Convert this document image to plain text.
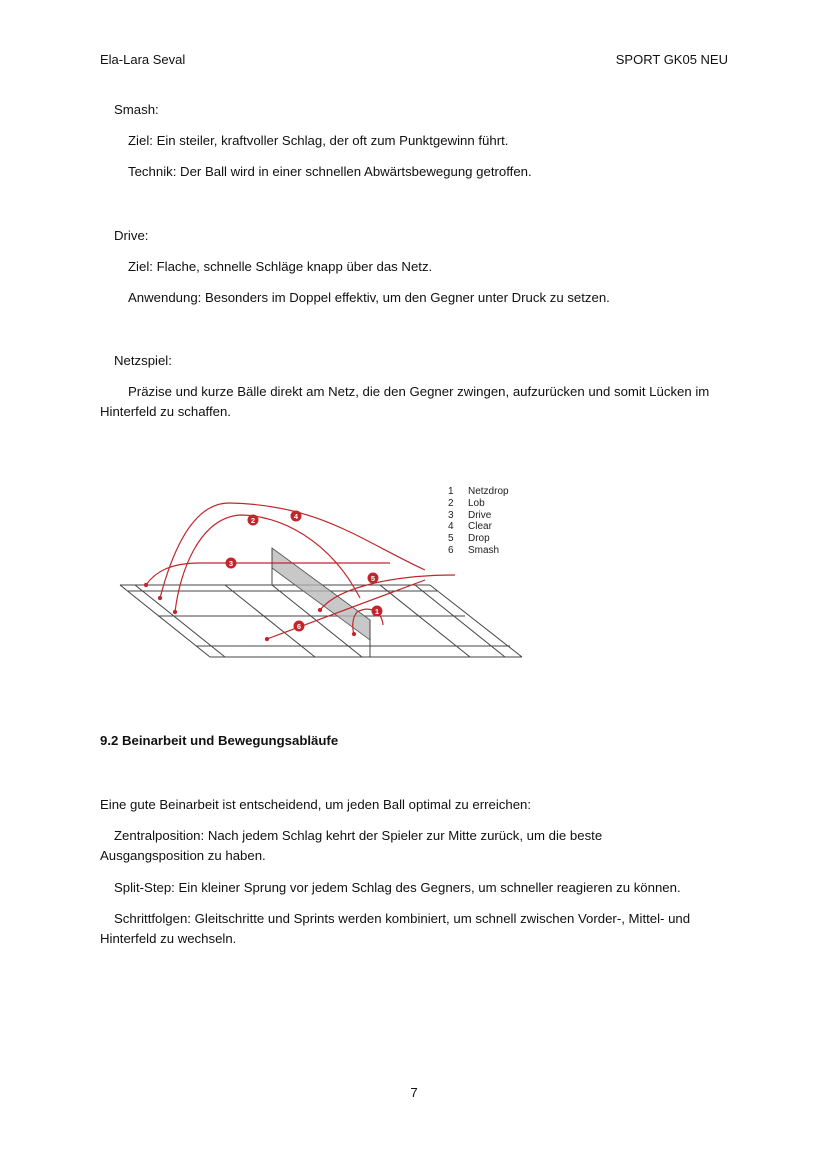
Ela-Lara Seval	SPORT GK05 NEU
Smash:
Ziel: Ein steiler, kraftvoller Schlag, der oft zum Punktgewinn führt.
Technik: Der Ball wird in einer schnellen Abwärtsbewegung getroffen.
Drive:
Ziel: Flache, schnelle Schläge knapp über das Netz.
Anwendung: Besonders im Doppel effektiv, um den Gegner unter Druck zu setzen.
Netzspiel:
Präzise und kurze Bälle direkt am Netz, die den Gegner zwingen, aufzurücken und somit Lücken im Hinterfeld zu schaffen.
4
2
3
5
1
6
1	Netzdrop
2	Lob
3	Drive
4	Clear
5	Drop
6	Smash
9.2 Beinarbeit und Bewegungsabläufe
Eine gute Beinarbeit ist entscheidend, um jeden Ball optimal zu erreichen:
Zentralposition: Nach jedem Schlag kehrt der Spieler zur Mitte zurück, um die beste Ausgangsposition zu haben.
Split-Step: Ein kleiner Sprung vor jedem Schlag des Gegners, um schneller reagieren zu können.
Schrittfolgen: Gleitschritte und Sprints werden kombiniert, um schnell zwischen Vorder-, Mittel- und Hinterfeld zu wechseln.
7
